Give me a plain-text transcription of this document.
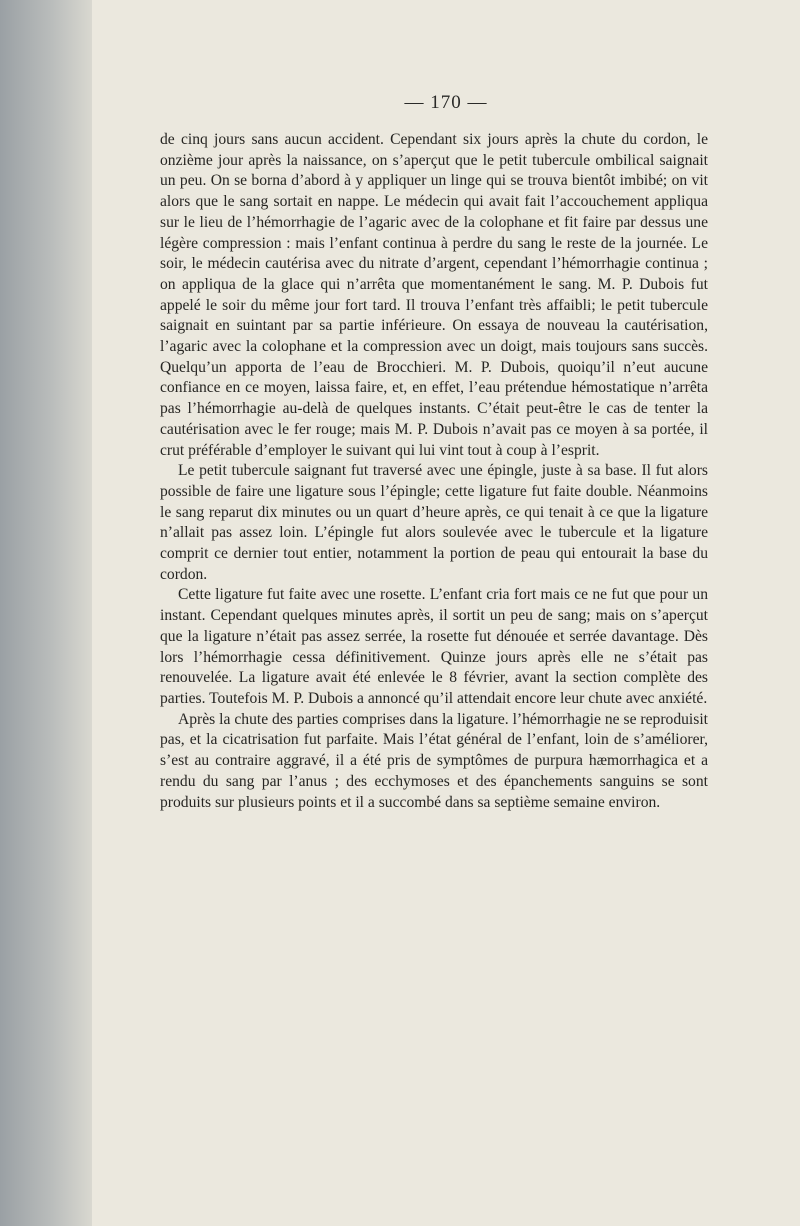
— 170 —

de cinq jours sans aucun accident. Cependant six jours après la chute du cordon, le onzième jour après la naissance, on s’aperçut que le petit tubercule ombilical saignait un peu. On se borna d’abord à y appliquer un linge qui se trouva bientôt imbibé; on vit alors que le sang sortait en nappe. Le médecin qui avait fait l’accouchement appliqua sur le lieu de l’hémorrhagie de l’agaric avec de la colophane et fit faire par dessus une légère compression : mais l’enfant continua à perdre du sang le reste de la journée. Le soir, le médecin cautérisa avec du nitrate d’argent, cependant l’hémorrhagie continua ; on appliqua de la glace qui n’arrêta que momentanément le sang. M. P. Dubois fut appelé le soir du même jour fort tard. Il trouva l’enfant très affaibli; le petit tubercule saignait en suintant par sa partie inférieure. On essaya de nouveau la cautérisation, l’agaric avec la colophane et la compression avec un doigt, mais toujours sans succès. Quelqu’un apporta de l’eau de Brocchieri. M. P. Dubois, quoiqu’il n’eut aucune confiance en ce moyen, laissa faire, et, en effet, l’eau prétendue hémostatique n’arrêta pas l’hémorrhagie au-delà de quelques instants. C’était peut-être le cas de tenter la cautérisation avec le fer rouge; mais M. P. Dubois n’avait pas ce moyen à sa portée, il crut préférable d’employer le suivant qui lui vint tout à coup à l’esprit.

Le petit tubercule saignant fut traversé avec une épingle, juste à sa base. Il fut alors possible de faire une ligature sous l’épingle; cette ligature fut faite double. Néanmoins le sang reparut dix minutes ou un quart d’heure après, ce qui tenait à ce que la ligature n’allait pas assez loin. L’épingle fut alors soulevée avec le tubercule et la ligature comprit ce dernier tout entier, notamment la portion de peau qui entourait la base du cordon.

Cette ligature fut faite avec une rosette. L’enfant cria fort mais ce ne fut que pour un instant. Cependant quelques minutes après, il sortit un peu de sang; mais on s’aperçut que la ligature n’était pas assez serrée, la rosette fut dénouée et serrée davantage. Dès lors l’hémorrhagie cessa définitivement. Quinze jours après elle ne s’était pas renouvelée. La ligature avait été enlevée le 8 février, avant la section complète des parties. Toutefois M. P. Dubois a annoncé qu’il attendait encore leur chute avec anxiété.

Après la chute des parties comprises dans la ligature. l’hémorrhagie ne se reproduisit pas, et la cicatrisation fut parfaite. Mais l’état général de l’enfant, loin de s’améliorer, s’est au contraire aggravé, il a été pris de symptômes de purpura hæmorrhagica et a rendu du sang par l’anus ; des ecchymoses et des épanchements sanguins se sont produits sur plusieurs points et il a succombé dans sa septième semaine environ.
